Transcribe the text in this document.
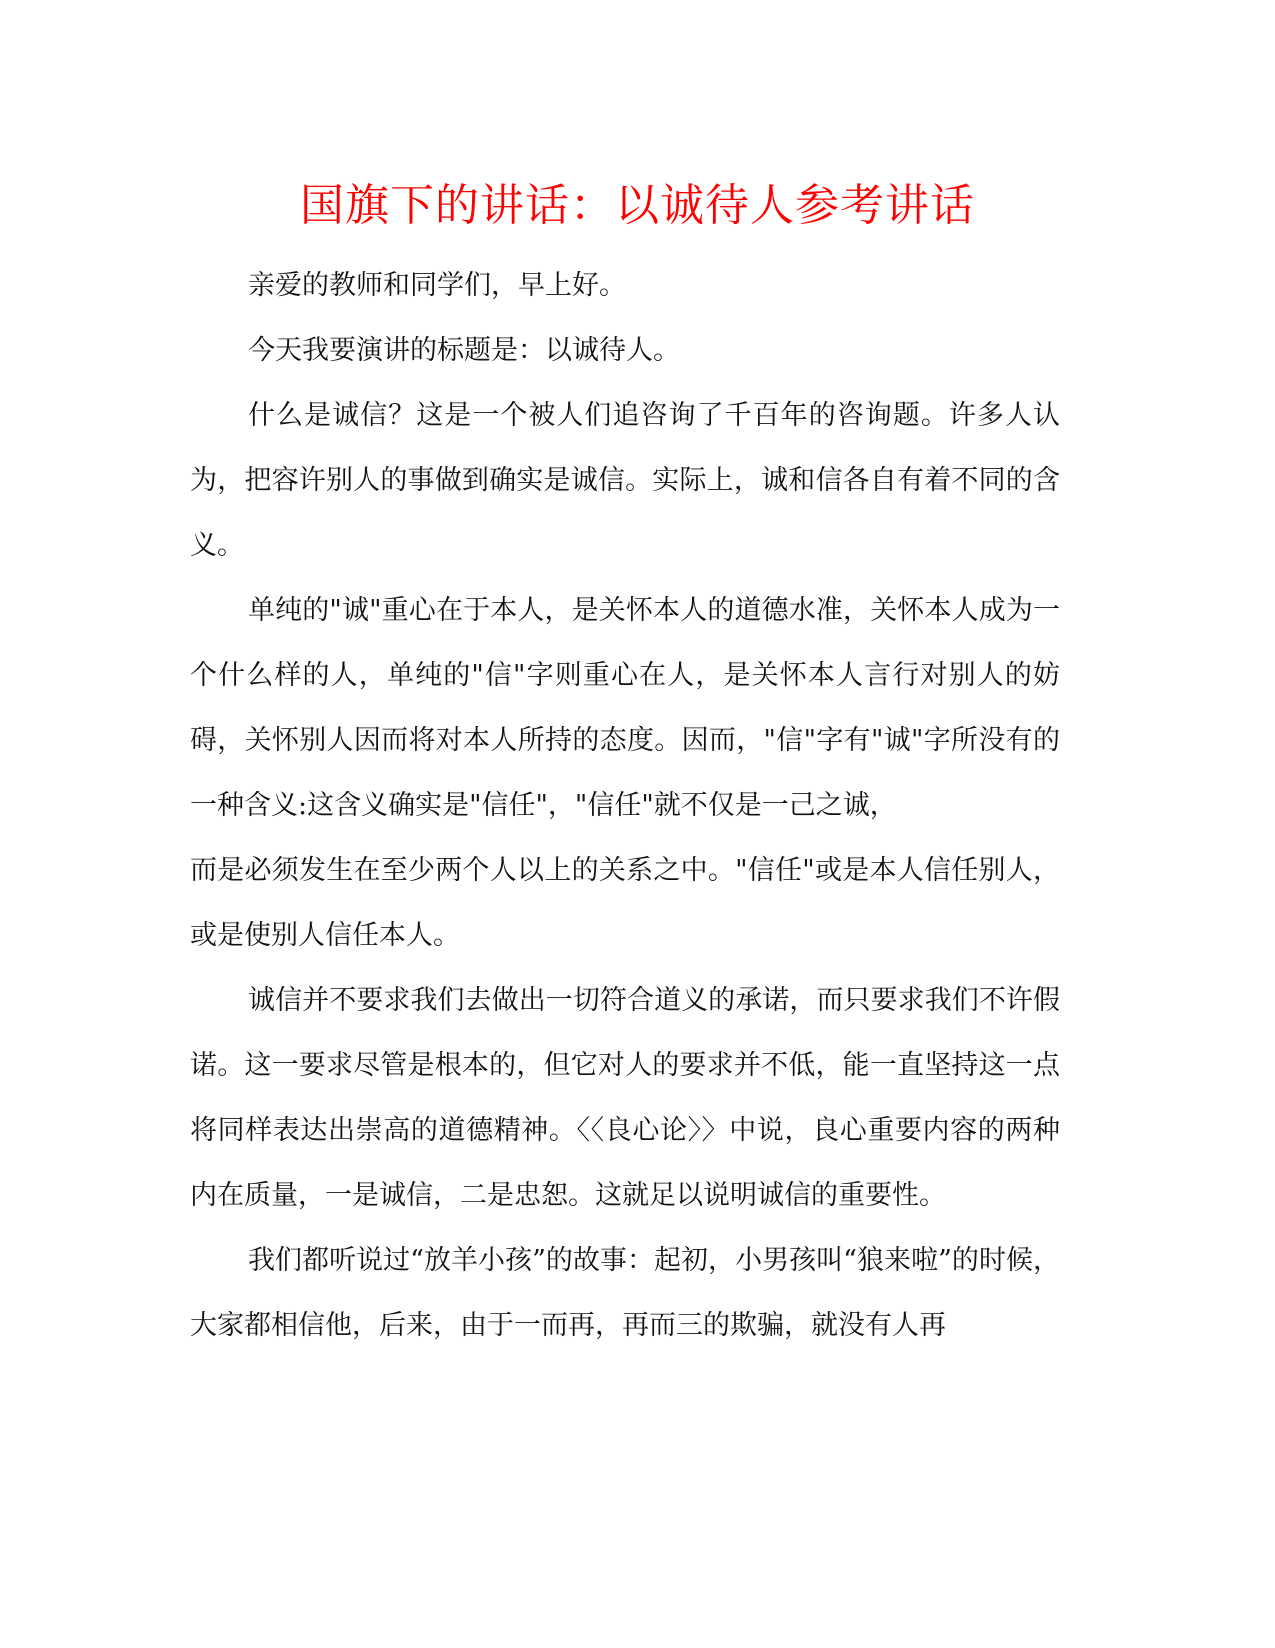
国旗下的讲话：以诚待人参考讲话

亲爱的教师和同学们，早上好。

今天我要演讲的标题是：以诚待人。

什么是诚信？这是一个被人们追咨询了千百年的咨询题。许多人认为，把容许别人的事做到确实是诚信。实际上，诚和信各自有着不同的含义。

单纯的"诚"重心在于本人，是关怀本人的道德水准，关怀本人成为一个什么样的人，单纯的"信"字则重心在人，是关怀本人言行对别人的妨碍，关怀别人因而将对本人所持的态度。因而，"信"字有"诚"字所没有的一种含义:这含义确实是"信任"，"信任"就不仅是一己之诚，

而是必须发生在至少两个人以上的关系之中。"信任"或是本人信任别人，或是使别人信任本人。

诚信并不要求我们去做出一切符合道义的承诺，而只要求我们不许假诺。这一要求尽管是根本的，但它对人的要求并不低，能一直坚持这一点将同样表达出崇高的道德精神。〈〈良心论〉〉中说，良心重要内容的两种内在质量，一是诚信，二是忠恕。这就足以说明诚信的重要性。

我们都听说过“放羊小孩”的故事：起初，小男孩叫“狼来啦”的时候，大家都相信他，后来，由于一而再，再而三的欺骗，就没有人再
